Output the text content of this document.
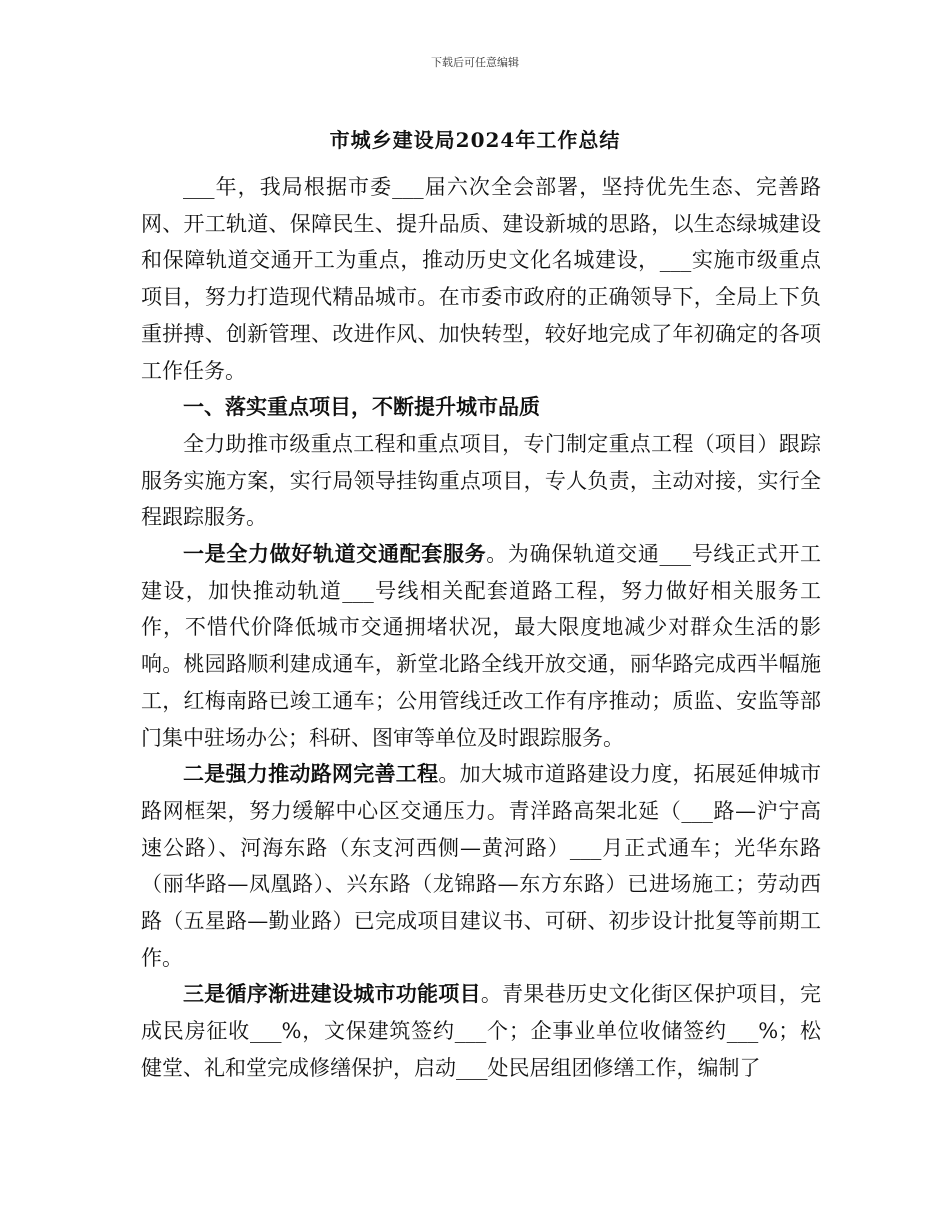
下载后可任意编辑
市城乡建设局2024年工作总结

___年，我局根据市委___届六次全会部署，坚持优先生态、完善路网、开工轨道、保障民生、提升品质、建设新城的思路，以生态绿城建设和保障轨道交通开工为重点，推动历史文化名城建设，___实施市级重点项目，努力打造现代精品城市。在市委市政府的正确领导下，全局上下负重拼搏、创新管理、改进作风、加快转型，较好地完成了年初确定的各项工作任务。

一、落实重点项目，不断提升城市品质

全力助推市级重点工程和重点项目，专门制定重点工程（项目）跟踪服务实施方案，实行局领导挂钩重点项目，专人负责，主动对接，实行全程跟踪服务。

一是全力做好轨道交通配套服务。为确保轨道交通___号线正式开工建设，加快推动轨道___号线相关配套道路工程，努力做好相关服务工作，不惜代价降低城市交通拥堵状况，最大限度地减少对群众生活的影响。桃园路顺利建成通车，新堂北路全线开放交通，丽华路完成西半幅施工，红梅南路已竣工通车；公用管线迁改工作有序推动；质监、安监等部门集中驻场办公；科研、图审等单位及时跟踪服务。

二是强力推动路网完善工程。加大城市道路建设力度，拓展延伸城市路网框架，努力缓解中心区交通压力。青洋路高架北延（___路—沪宁高速公路）、河海东路（东支河西侧—黄河路）___月正式通车；光华东路（丽华路—凤凰路）、兴东路（龙锦路—东方东路）已进场施工；劳动西路（五星路—勤业路）已完成项目建议书、可研、初步设计批复等前期工作。

三是循序渐进建设城市功能项目。青果巷历史文化街区保护项目，完成民房征收___%，文保建筑签约___个；企事业单位收储签约___%；松健堂、礼和堂完成修缮保护，启动___处民居组团修缮工作，编制了
